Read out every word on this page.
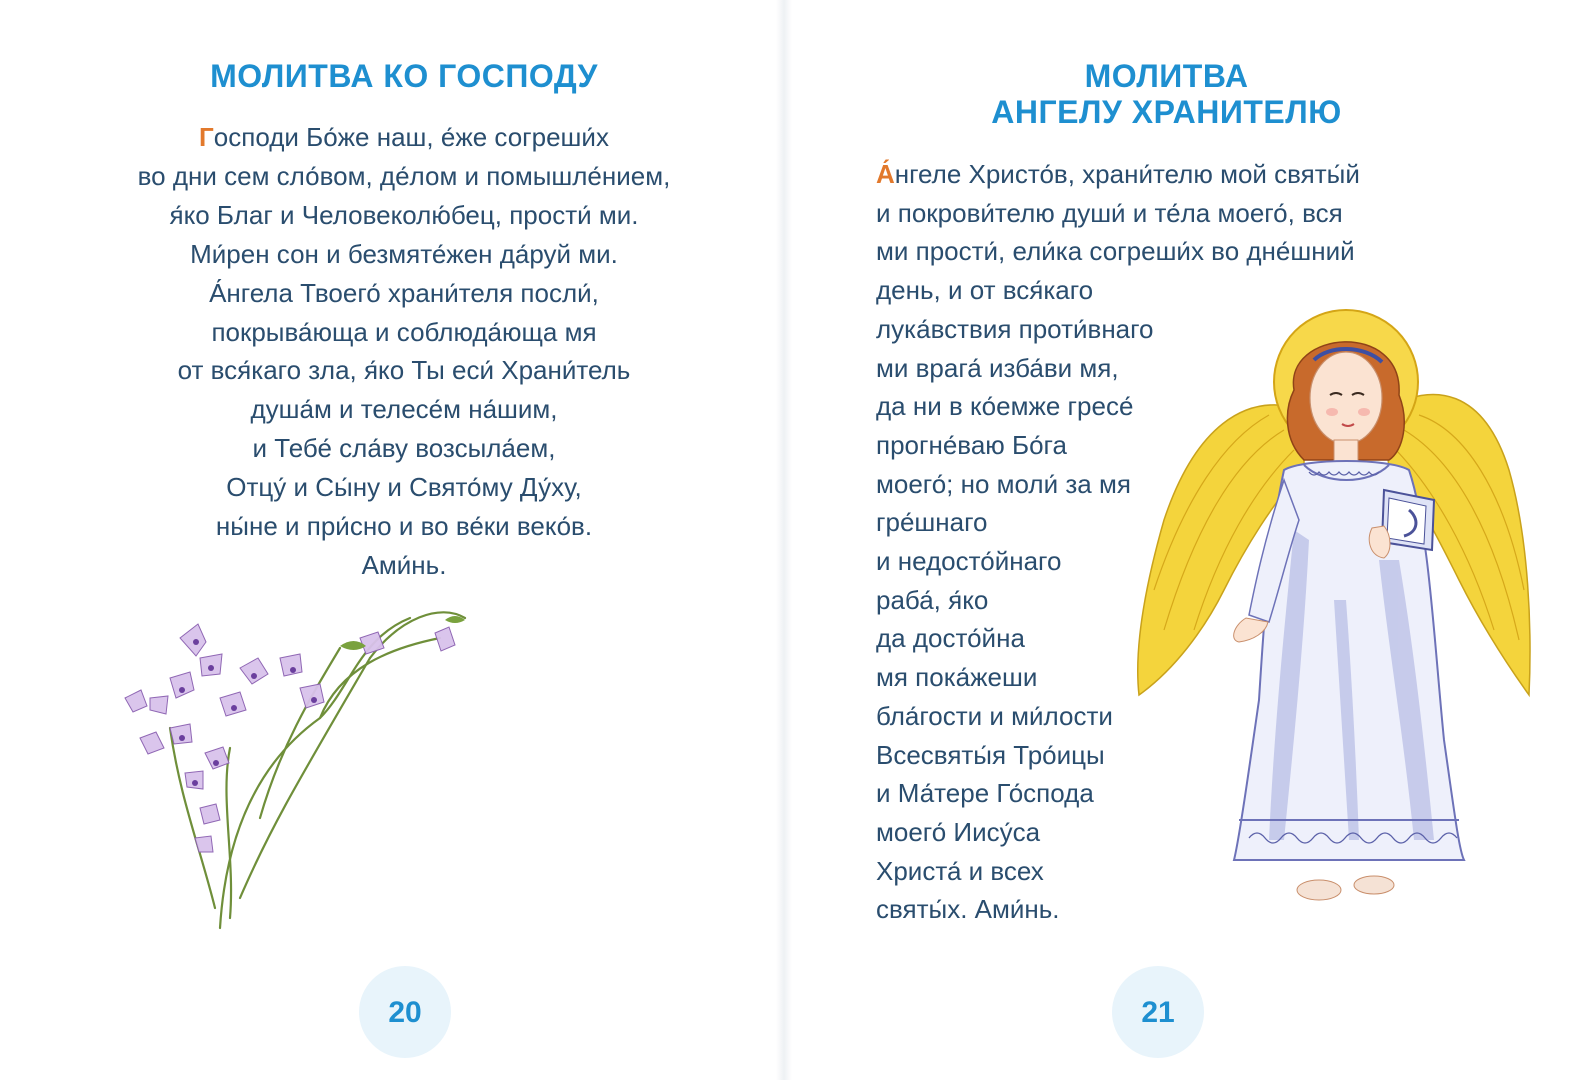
МОЛИТВА КО ГОСПОДУ
Господи Бо́же наш, е́же согреши́х
во дни сем сло́вом, де́лом и помышле́нием,
я́ко Благ и Человеколю́бец, прости́ ми.
Ми́рен сон и безмяте́жен да́руй ми.
А́нгела Твоего́ храни́теля посли́,
покрыва́юща и соблюда́юща мя
от вся́каго зла, я́ко Ты еси́ Храни́тель
душа́м и телесе́м на́шим,
и Тебе́ сла́ву возсыла́ем,
Отцу́ и Сы́ну и Свято́му Ду́ху,
ны́не и при́сно и во ве́ки веко́в.
Ами́нь.
20
МОЛИТВА
АНГЕЛУ ХРАНИТЕЛЮ
А́нгеле Христо́в, храни́телю мой святы́й
и покрови́телю души́ и те́ла моего́, вся
ми прости́, ели́ка согреши́х во дне́шний
день, и от вся́каго
лука́вствия проти́внаго
ми врага́ изба́ви мя,
да ни в ко́емже гресе́
прогне́ваю Бо́га
моего́; но моли́ за мя
гре́шнаго
и недосто́йнаго
раба́, я́ко
да досто́йна
мя пока́жеши
бла́гости и ми́лости
Всесвяты́я Тро́ицы
и Ма́тере Го́спода
моего́ Иису́са
Христа́ и всех
святы́х. Ами́нь.
21
